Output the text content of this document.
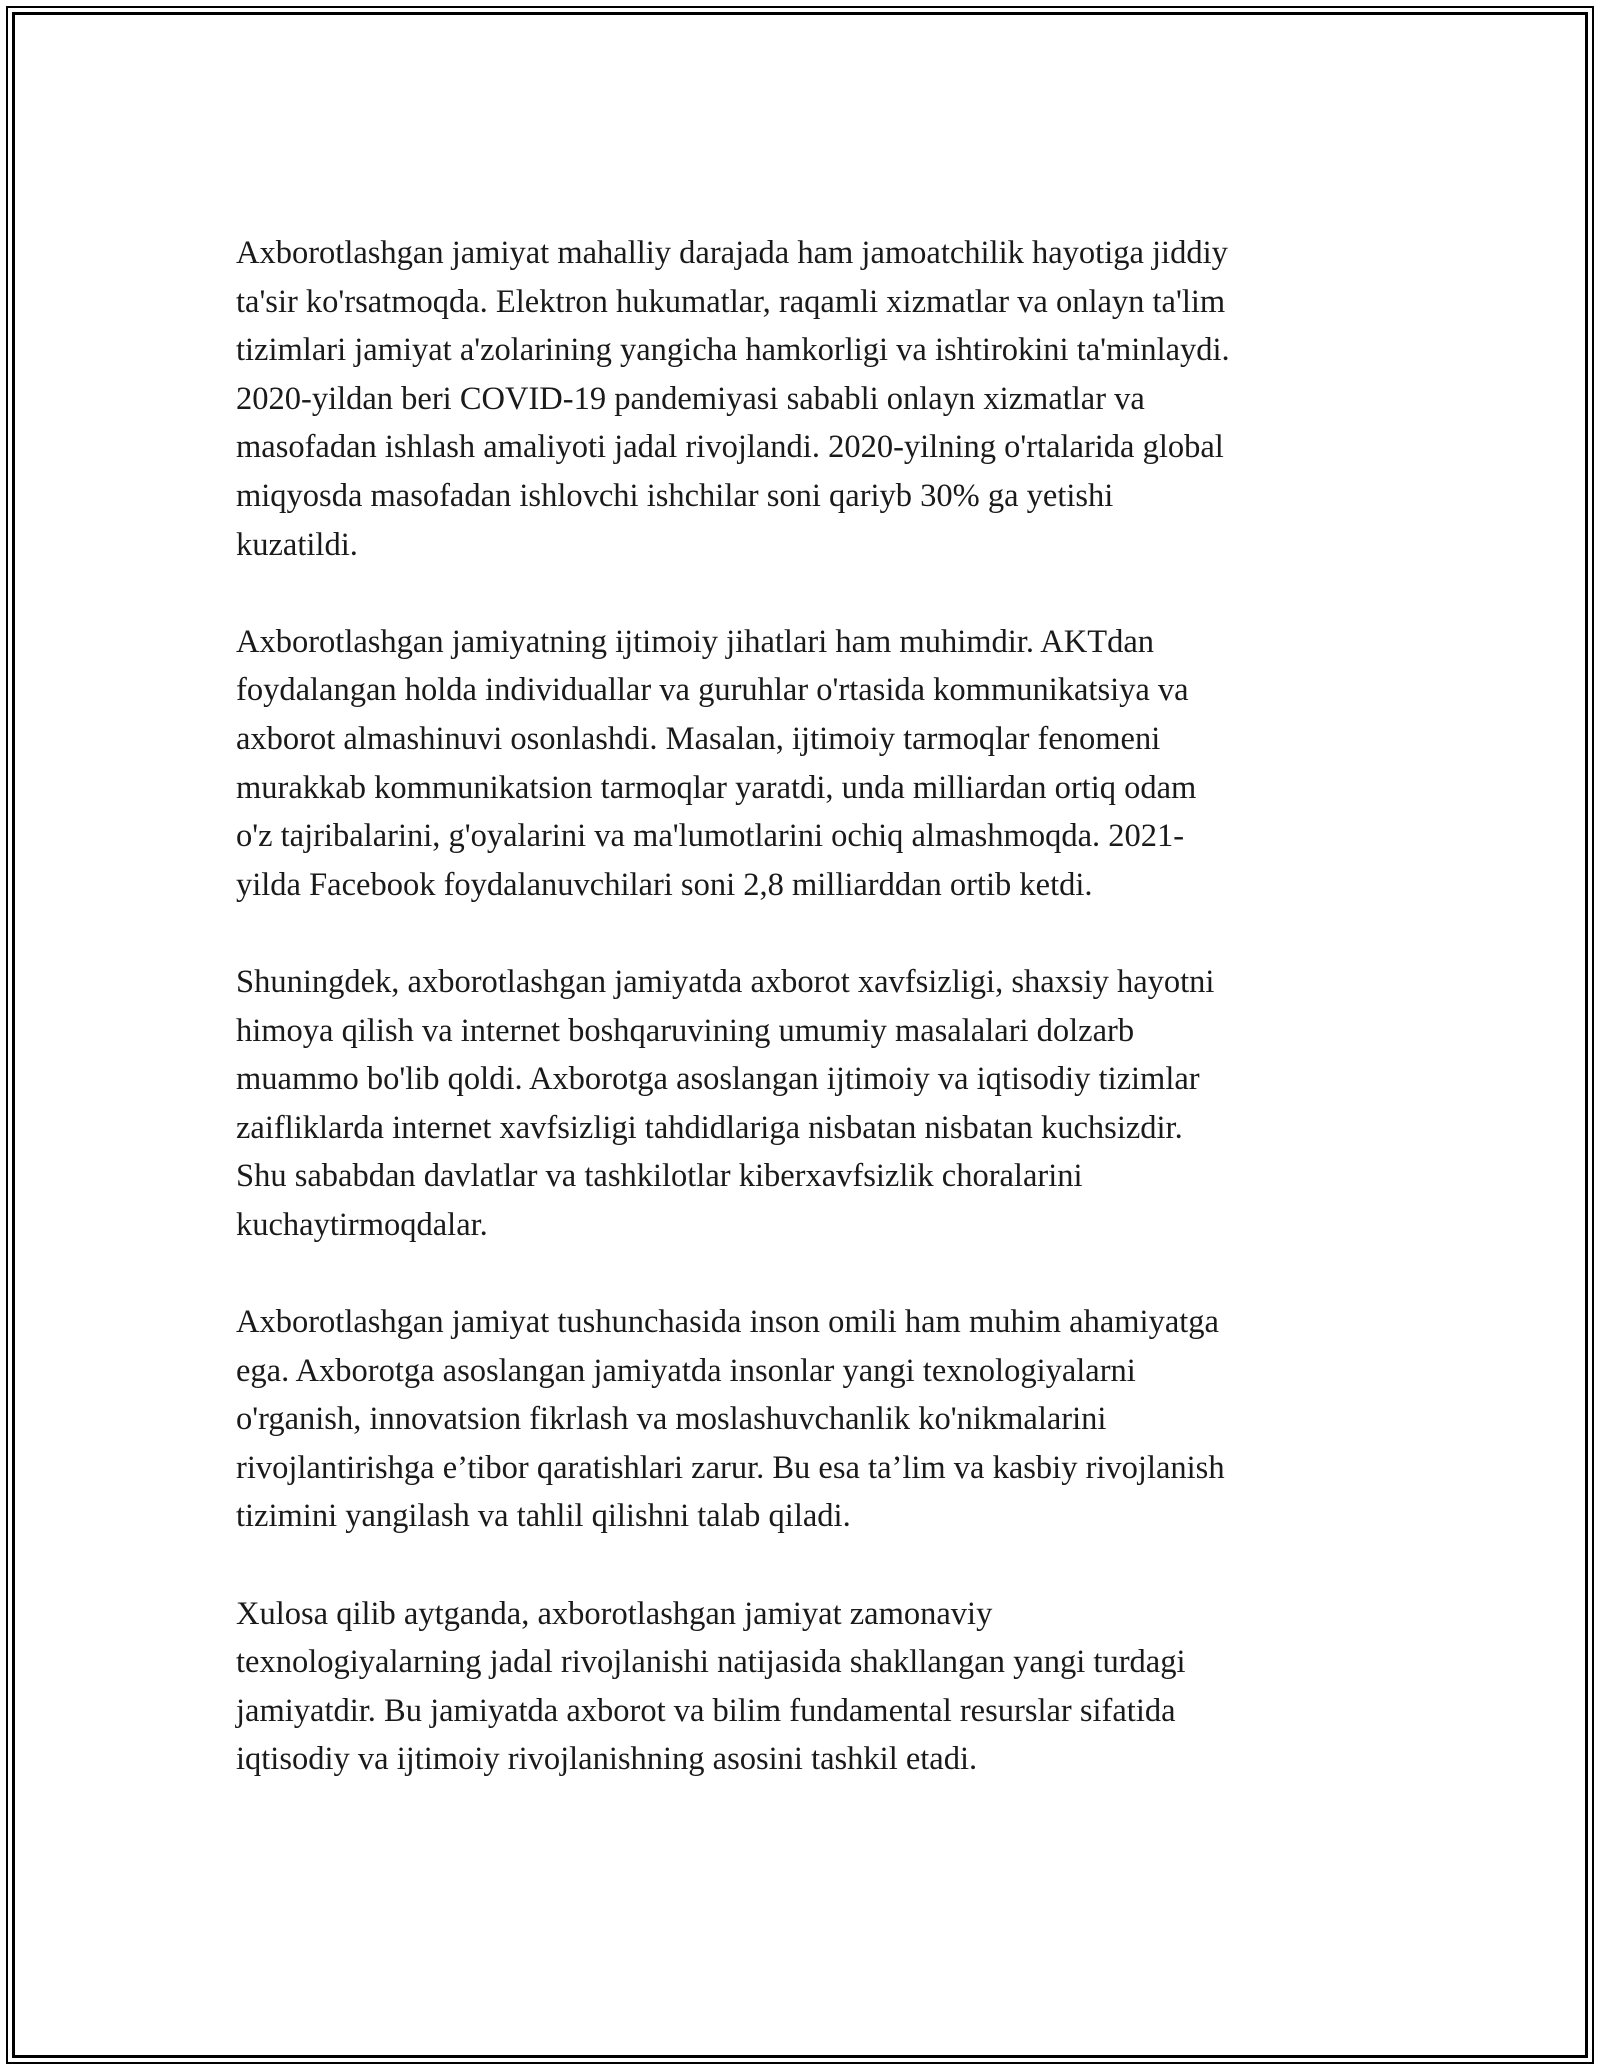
Axborotlashgan jamiyat mahalliy darajada ham jamoatchilik hayotiga jiddiy
ta'sir ko'rsatmoqda. Elektron hukumatlar, raqamli xizmatlar va onlayn ta'lim
tizimlari jamiyat a'zolarining yangicha hamkorligi va ishtirokini ta'minlaydi.
2020-yildan beri COVID-19 pandemiyasi sababli onlayn xizmatlar va
masofadan ishlash amaliyoti jadal rivojlandi. 2020-yilning o'rtalarida global
miqyosda masofadan ishlovchi ishchilar soni qariyb 30% ga yetishi
kuzatildi.

Axborotlashgan jamiyatning ijtimoiy jihatlari ham muhimdir. AKTdan
foydalangan holda individuallar va guruhlar o'rtasida kommunikatsiya va
axborot almashinuvi osonlashdi. Masalan, ijtimoiy tarmoqlar fenomeni
murakkab kommunikatsion tarmoqlar yaratdi, unda milliardan ortiq odam
o'z tajribalarini, g'oyalarini va ma'lumotlarini ochiq almashmoqda. 2021-
yilda Facebook foydalanuvchilari soni 2,8 milliarddan ortib ketdi.

Shuningdek, axborotlashgan jamiyatda axborot xavfsizligi, shaxsiy hayotni
himoya qilish va internet boshqaruvining umumiy masalalari dolzarb
muammo bo'lib qoldi. Axborotga asoslangan ijtimoiy va iqtisodiy tizimlar
zaifliklarda internet xavfsizligi tahdidlariga nisbatan nisbatan kuchsizdir.
Shu sababdan davlatlar va tashkilotlar kiberxavfsizlik choralarini
kuchaytirmoqdalar.

Axborotlashgan jamiyat tushunchasida inson omili ham muhim ahamiyatga
ega. Axborotga asoslangan jamiyatda insonlar yangi texnologiyalarni
o'rganish, innovatsion fikrlash va moslashuvchanlik ko'nikmalarini
rivojlantirishga e’tibor qaratishlari zarur. Bu esa ta’lim va kasbiy rivojlanish
tizimini yangilash va tahlil qilishni talab qiladi.

Xulosa qilib aytganda, axborotlashgan jamiyat zamonaviy
texnologiyalarning jadal rivojlanishi natijasida shakllangan yangi turdagi
jamiyatdir. Bu jamiyatda axborot va bilim fundamental resurslar sifatida
iqtisodiy va ijtimoiy rivojlanishning asosini tashkil etadi.
